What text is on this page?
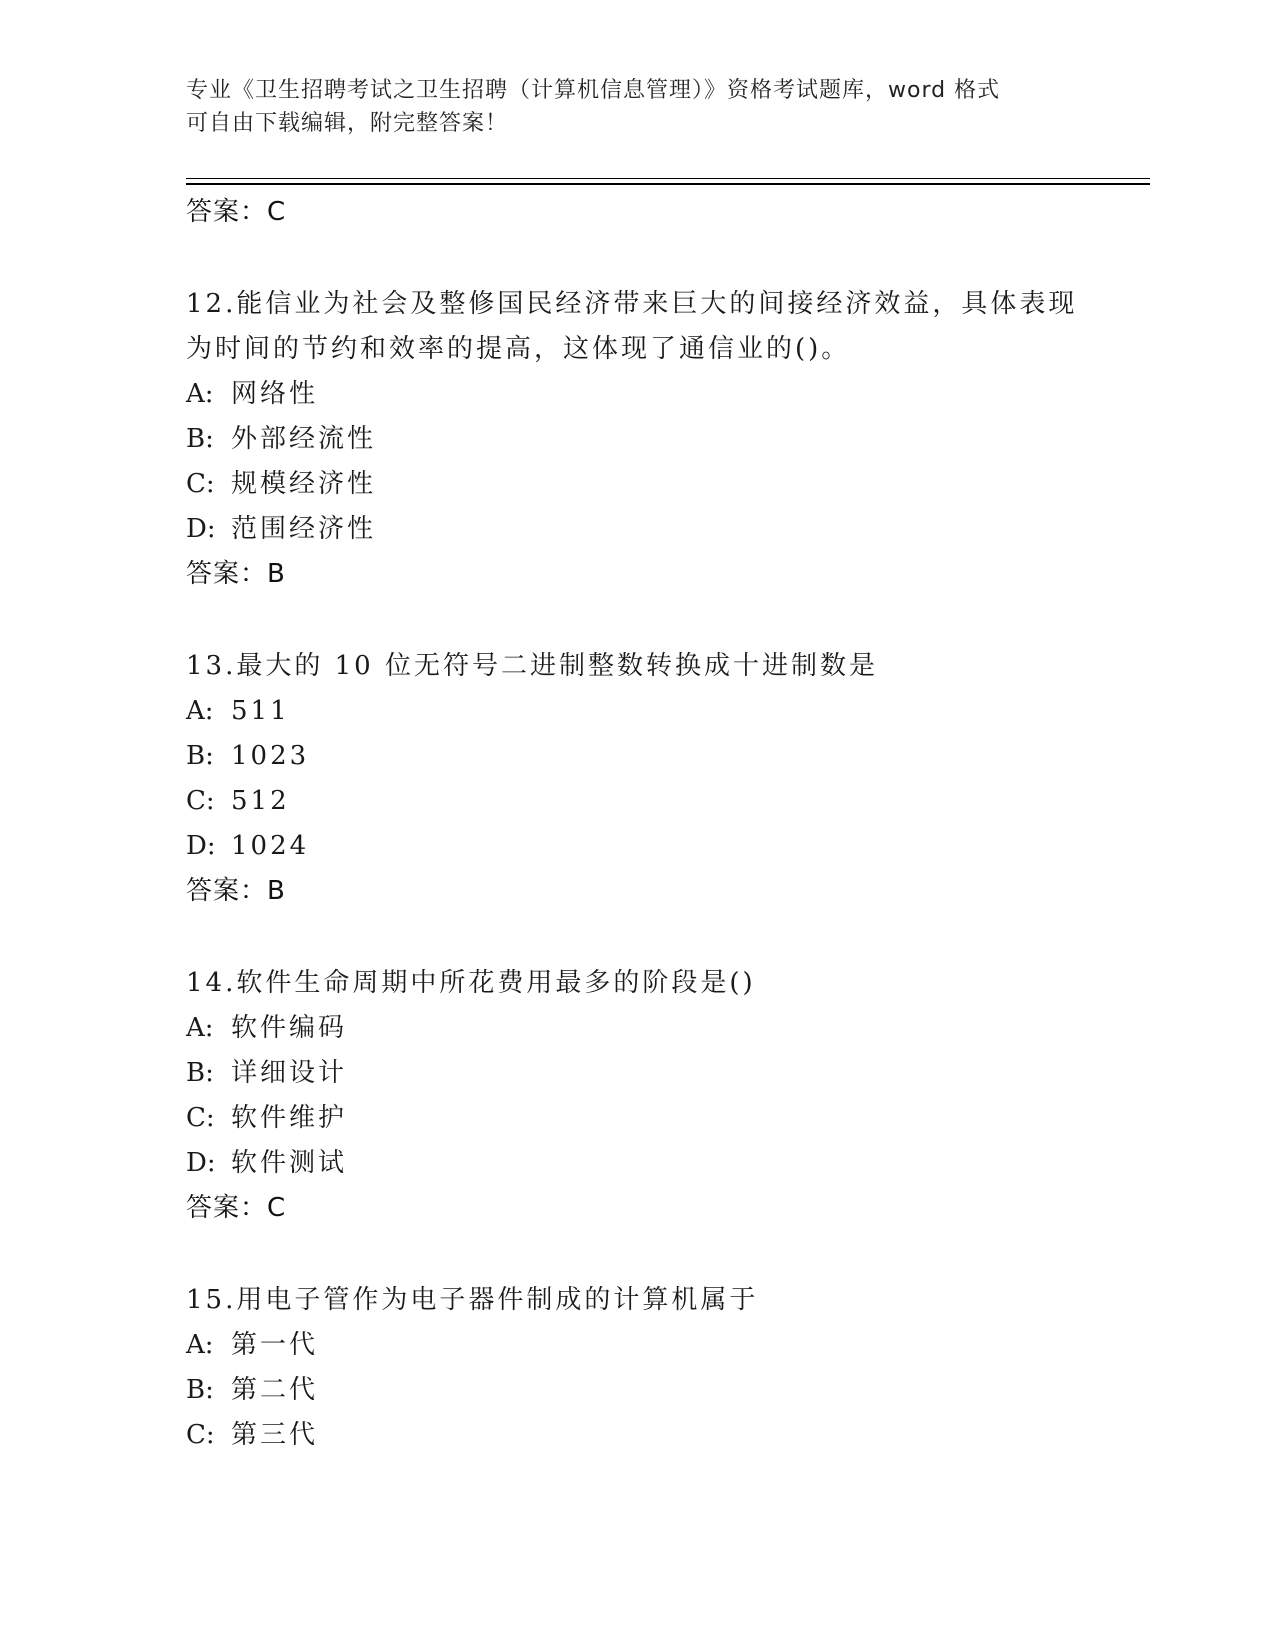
专业《卫生招聘考试之卫生招聘（计算机信息管理）》资格考试题库，word 格式
可自由下载编辑，附完整答案！
答案：C
12.能信业为社会及整修国民经济带来巨大的间接经济效益，具体表现
为时间的节约和效率的提高，这体现了通信业的()。
A: 网络性
B: 外部经流性
C: 规模经济性
D: 范围经济性
答案：B
13.最大的 10 位无符号二进制整数转换成十进制数是
A: 511
B: 1023
C: 512
D: 1024
答案：B
14.软件生命周期中所花费用最多的阶段是()
A: 软件编码
B: 详细设计
C: 软件维护
D: 软件测试
答案：C
15.用电子管作为电子器件制成的计算机属于
A: 第一代
B: 第二代
C: 第三代
